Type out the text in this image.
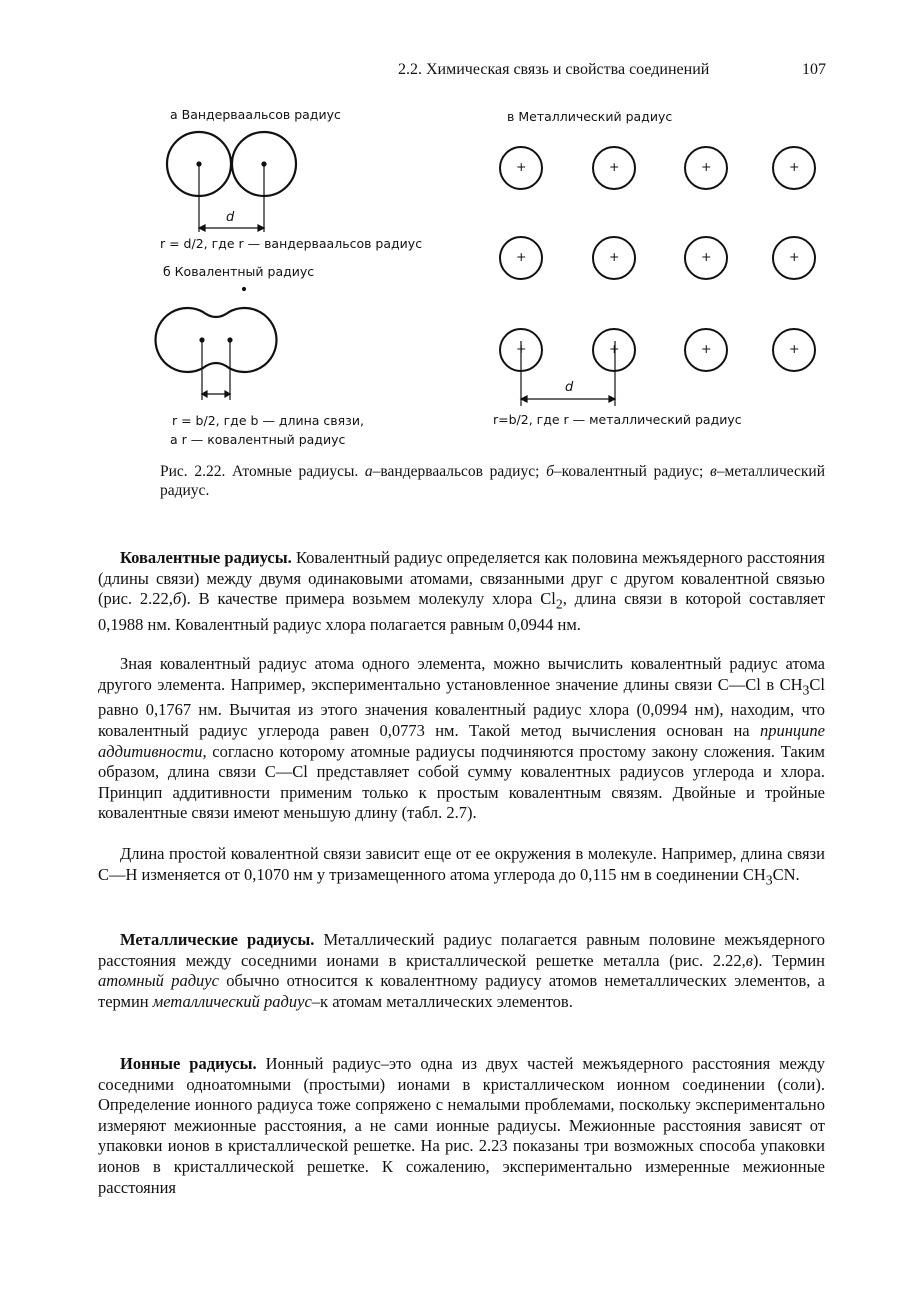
2.2. Химическая связь и свойства соединений	107
а Вандерваальсов радиус
d
r = d/2, где r — вандерваальсов радиус
б Ковалентный радиус
r = b/2, где b — длина связи,
а r — ковалентный радиус
в Металлический радиус
d
r=b/2, где r — металлический радиус
+	+	+	+
+	+	+	+
+	+	+	+
Рис. 2.22. Атомные радиусы. а–вандерваальсов радиус; б–ковалентный радиус; в–металлический радиус.

Ковалентные радиусы. Ковалентный радиус определяется как половина межъядерного расстояния (длины связи) между двумя одинаковыми атомами, связанными друг с другом ковалентной связью (рис. 2.22,б). В качестве примера возьмем молекулу хлора $Cl_2$, длина связи в которой составляет 0,1988 нм. Ковалентный радиус хлора полагается равным 0,0944 нм.

Зная ковалентный радиус атома одного элемента, можно вычислить ковалентный радиус атома другого элемента. Например, экспериментально установленное значение длины связи C—Cl в $CH_3Cl$ равно 0,1767 нм. Вычитая из этого значения ковалентный радиус хлора (0,0994 нм), находим, что ковалентный радиус углерода равен 0,0773 нм. Такой метод вычисления основан на принципе аддитивности, согласно которому атомные радиусы подчиняются простому закону сложения. Таким образом, длина связи C—Cl представляет собой сумму ковалентных радиусов углерода и хлора. Принцип аддитивности применим только к простым ковалентным связям. Двойные и тройные ковалентные связи имеют меньшую длину (табл. 2.7).

Длина простой ковалентной связи зависит еще от ее окружения в молекуле. Например, длина связи C—H изменяется от 0,1070 нм у тризамещенного атома углерода до 0,115 нм в соединении $CH_3CN$.

Металлические радиусы. Металлический радиус полагается равным половине межъядерного расстояния между соседними ионами в кристаллической решетке металла (рис. 2.22,в). Термин атомный радиус обычно относится к ковалентному радиусу атомов неметаллических элементов, а термин металлический радиус–к атомам металлических элементов.

Ионные радиусы. Ионный радиус–это одна из двух частей межъядерного расстояния между соседними одноатомными (простыми) ионами в кристаллическом ионном соединении (соли). Определение ионного радиуса тоже сопряжено с немалыми проблемами, поскольку экспериментально измеряют межионные расстояния, а не сами ионные радиусы. Межионные расстояния зависят от упаковки ионов в кристаллической решетке. На рис. 2.23 показаны три возможных способа упаковки ионов в кристаллической решетке. К сожалению, экспериментально измеренные межионные расстояния
